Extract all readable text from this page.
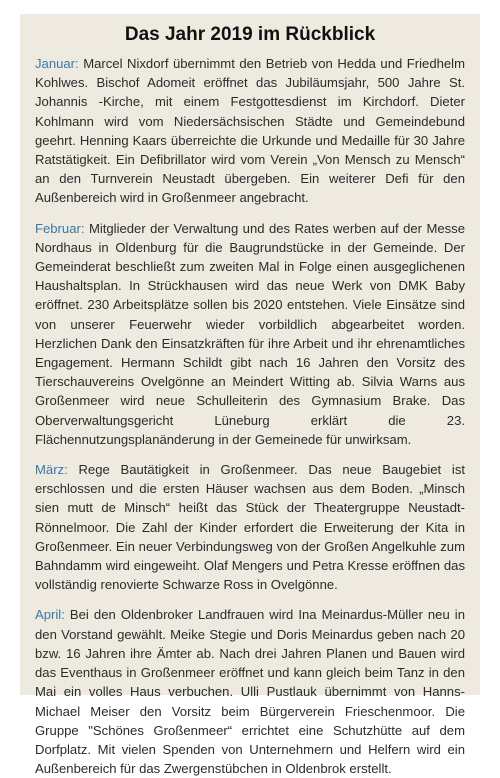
Das Jahr 2019 im Rückblick

Januar: Marcel Nixdorf übernimmt den Betrieb von Hedda und Friedhelm Kohlwes. Bischof Adomeit eröffnet das Jubiläumsjahr, 500 Jahre St. Johannis -Kirche, mit einem Festgottesdienst im Kirchdorf. Dieter Kohlmann wird vom Niedersächsischen Städte und Gemeindebund geehrt. Henning Kaars überreichte die Urkunde und Medaille für 30 Jahre Ratstätigkeit. Ein Defibrillator wird vom Verein „Von Mensch zu Mensch“ an den Turnverein Neustadt übergeben. Ein weiterer Defi für den Außenbereich wird in Großenmeer angebracht.

Februar: Mitglieder der Verwaltung und des Rates werben auf der Messe Nordhaus in Oldenburg für die Baugrundstücke in der Gemeinde. Der Gemeinderat beschließt zum zweiten Mal in Folge einen ausgeglichenen Haushaltsplan. In Strückhausen wird das neue Werk von DMK Baby eröffnet. 230 Arbeitsplätze sollen bis 2020 entstehen. Viele Einsätze sind von unserer Feuerwehr wieder vorbildlich abgearbeitet worden. Herzlichen Dank den Einsatzkräften für ihre Arbeit und ihr ehrenamtliches Engagement. Hermann Schildt gibt nach 16 Jahren den Vorsitz des Tierschauvereins Ovelgönne an Meindert Witting ab. Silvia Warns aus Großenmeer wird neue Schulleiterin des Gymnasium Brake. Das Oberverwaltungsgericht Lüneburg erklärt die 23. Flächennutzungsplanänderung in der Gemeinede für unwirksam.

März: Rege Bautätigkeit in Großenmeer. Das neue Baugebiet ist erschlossen und die ersten Häuser wachsen aus dem Boden. „Minsch sien mutt de Minsch“ heißt das Stück der Theatergruppe Neustadt-Rönnelmoor. Die Zahl der Kinder erfordert die Erweiterung der Kita in Großenmeer. Ein neuer Verbindungsweg von der Großen Angelkuhle zum Bahndamm wird eingeweiht. Olaf Mengers und Petra Kresse eröffnen das vollständig renovierte Schwarze Ross in Ovelgönne.

April: Bei den Oldenbroker Landfrauen wird Ina Meinardus-Müller neu in den Vorstand gewählt. Meike Stegie und Doris Meinardus geben nach 20 bzw. 16 Jahren ihre Ämter ab. Nach drei Jahren Planen und Bauen wird das Eventhaus in Großenmeer eröffnet und kann gleich beim Tanz in den Mai ein volles Haus verbuchen. Ulli Pustlauk übernimmt von Hanns-Michael Meiser den Vorsitz beim Bürgerverein Frieschenmoor. Die Gruppe "Schönes Großenmeer“ errichtet eine Schutzhütte auf dem Dorfplatz. Mit vielen Spenden von Unternehmern und Helfern wird ein Außenbereich für das Zwergenstübchen in Oldenbrok erstellt.
